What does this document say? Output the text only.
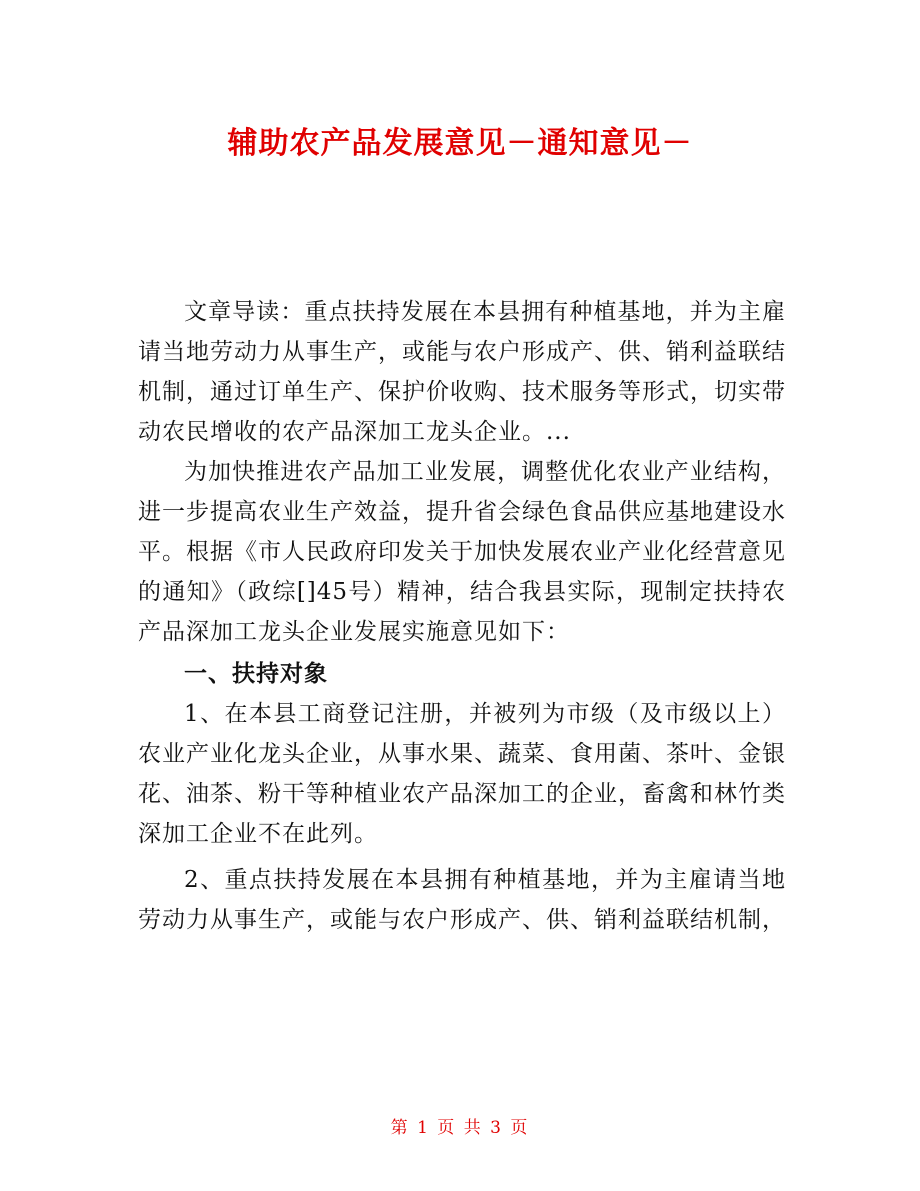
辅助农产品发展意见－通知意见－

文章导读：重点扶持发展在本县拥有种植基地，并为主雇请当地劳动力从事生产，或能与农户形成产、供、销利益联结机制，通过订单生产、保护价收购、技术服务等形式，切实带动农民增收的农产品深加工龙头企业。...

为加快推进农产品加工业发展，调整优化农业产业结构，进一步提高农业生产效益，提升省会绿色食品供应基地建设水平。根据《市人民政府印发关于加快发展农业产业化经营意见的通知》（政综[]45号）精神，结合我县实际，现制定扶持农产品深加工龙头企业发展实施意见如下：

一、扶持对象

1、在本县工商登记注册，并被列为市级（及市级以上）农业产业化龙头企业，从事水果、蔬菜、食用菌、茶叶、金银花、油茶、粉干等种植业农产品深加工的企业，畜禽和林竹类深加工企业不在此列。

2、重点扶持发展在本县拥有种植基地，并为主雇请当地劳动力从事生产，或能与农户形成产、供、销利益联结机制，

第 1 页 共 3 页
